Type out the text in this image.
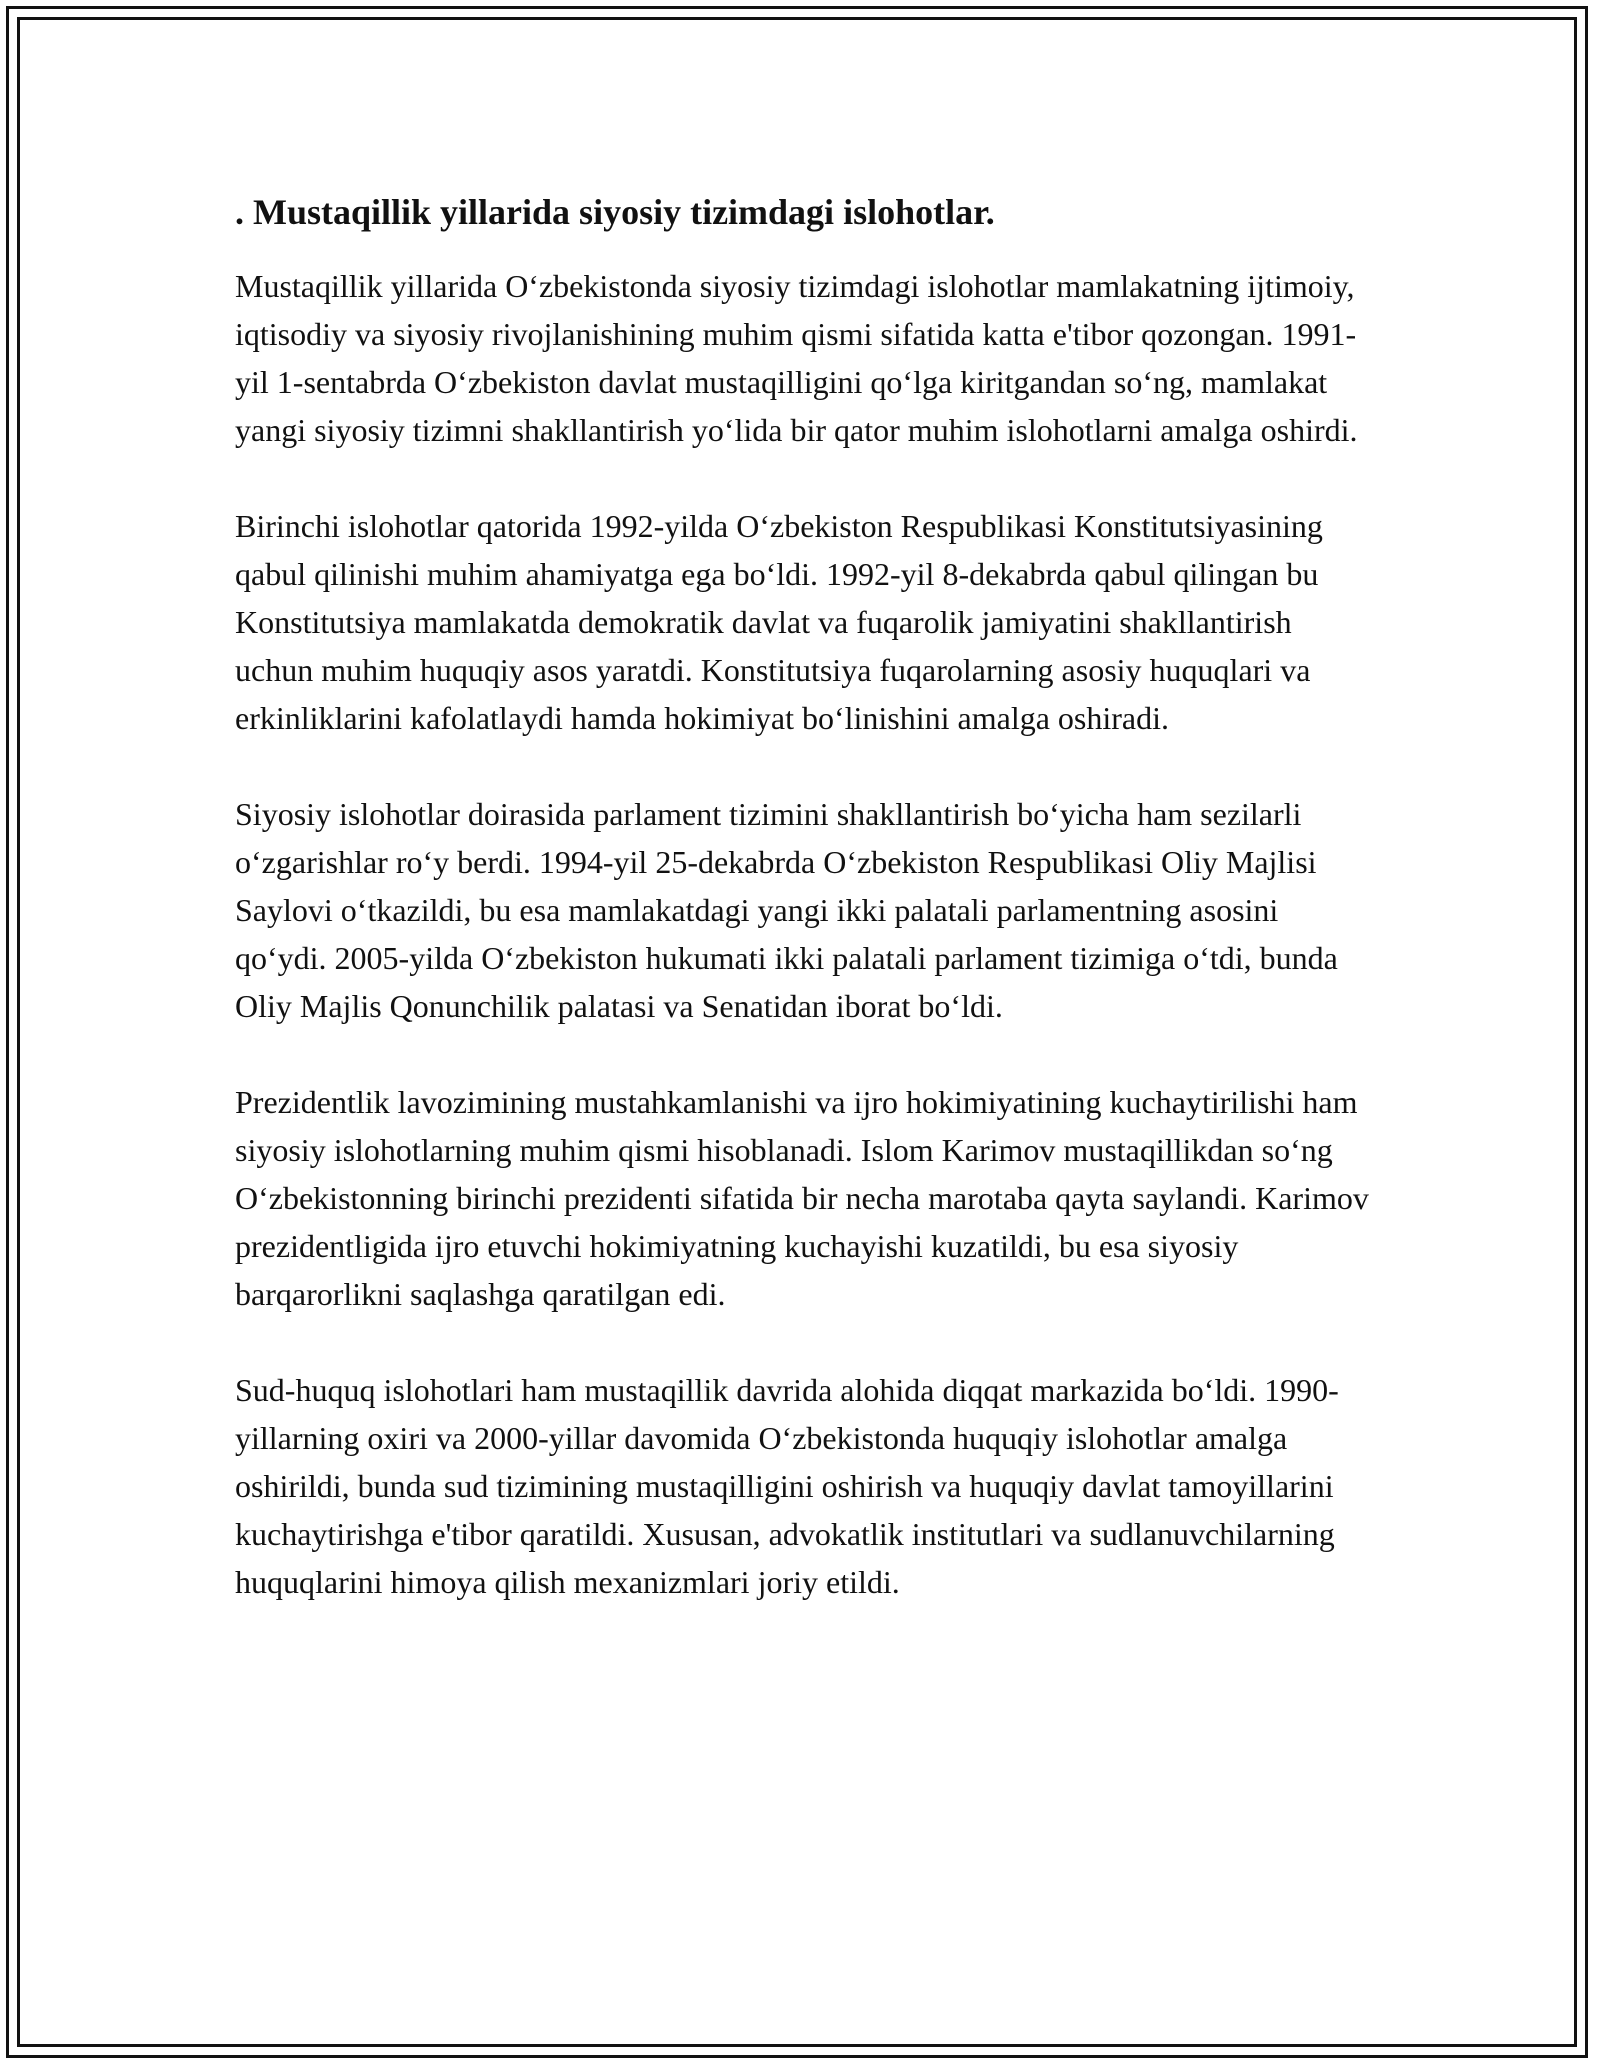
. Mustaqillik yillarida siyosiy tizimdagi islohotlar.

Mustaqillik yillarida O‘zbekistonda siyosiy tizimdagi islohotlar mamlakatning ijtimoiy, iqtisodiy va siyosiy rivojlanishining muhim qismi sifatida katta e'tibor qozongan. 1991-yil 1-sentabrda O‘zbekiston davlat mustaqilligini qo‘lga kiritgandan so‘ng, mamlakat yangi siyosiy tizimni shakllantirish yo‘lida bir qator muhim islohotlarni amalga oshirdi.

Birinchi islohotlar qatorida 1992-yilda O‘zbekiston Respublikasi Konstitutsiyasining qabul qilinishi muhim ahamiyatga ega bo‘ldi. 1992-yil 8-dekabrda qabul qilingan bu Konstitutsiya mamlakatda demokratik davlat va fuqarolik jamiyatini shakllantirish uchun muhim huquqiy asos yaratdi. Konstitutsiya fuqarolarning asosiy huquqlari va erkinliklarini kafolatlaydi hamda hokimiyat bo‘linishini amalga oshiradi.

Siyosiy islohotlar doirasida parlament tizimini shakllantirish bo‘yicha ham sezilarli o‘zgarishlar ro‘y berdi. 1994-yil 25-dekabrda O‘zbekiston Respublikasi Oliy Majlisi Saylovi o‘tkazildi, bu esa mamlakatdagi yangi ikki palatali parlamentning asosini qo‘ydi. 2005-yilda O‘zbekiston hukumati ikki palatali parlament tizimiga o‘tdi, bunda Oliy Majlis Qonunchilik palatasi va Senatidan iborat bo‘ldi.

Prezidentlik lavozimining mustahkamlanishi va ijro hokimiyatining kuchaytirilishi ham siyosiy islohotlarning muhim qismi hisoblanadi. Islom Karimov mustaqillikdan so‘ng O‘zbekistonning birinchi prezidenti sifatida bir necha marotaba qayta saylandi. Karimov prezidentligida ijro etuvchi hokimiyatning kuchayishi kuzatildi, bu esa siyosiy barqarorlikni saqlashga qaratilgan edi.

Sud-huquq islohotlari ham mustaqillik davrida alohida diqqat markazida bo‘ldi. 1990-yillarning oxiri va 2000-yillar davomida O‘zbekistonda huquqiy islohotlar amalga oshirildi, bunda sud tizimining mustaqilligini oshirish va huquqiy davlat tamoyillarini kuchaytirishga e'tibor qaratildi. Xususan, advokatlik institutlari va sudlanuvchilarning huquqlarini himoya qilish mexanizmlari joriy etildi.
